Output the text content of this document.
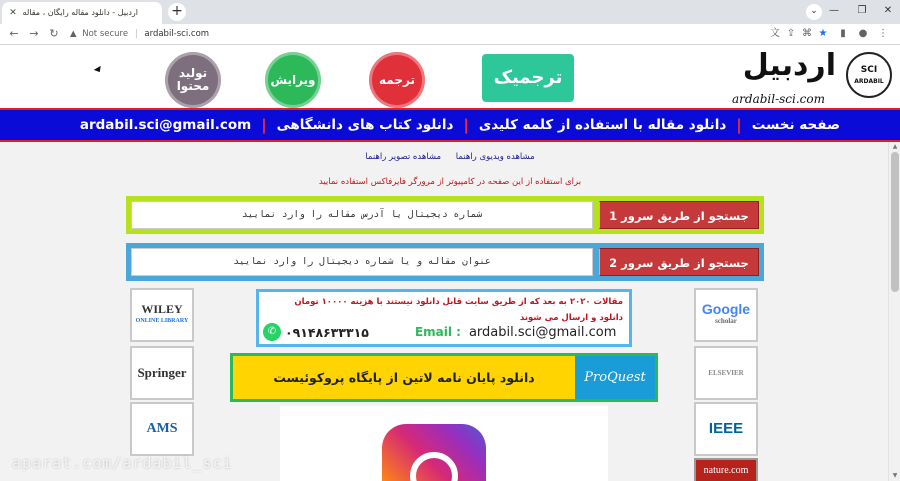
اردبیل - دانلود مقاله رایگان ، مقاله
✕	+	⌄	—	❐	✕
← → ↻	▲ Not secure | ardabil-sci.com	文 ⇪ ⌘ ★	▮	● ⋮
تولید محتوا	ویرایش	ترجمه	ترجمیک	اردبیل
ardabil-sci.com
SCI
ARDABIL
صفحه نخست
|
دانلود مقاله با استفاده از کلمه کلیدی
|
دانلود کتاب های دانشگاهی
|
ardabil.sci@gmail.com
مشاهده ویدیوی راهنما مشاهده تصویر راهنما
برای استفاده از این صفحه در کامپیوتر از مرورگر فایرفاکس استفاده نمایید
جستجو از طریق سرور 1
شماره دیجیتال یا آدرس مقاله را وارد نمایید
جستجو از طریق سرور 2
عنوان مقاله و یا شماره دیجیتال را وارد نمایید
WILEY
ONLINE LIBRARY
Springer
AMS
Google
scholar
ELSEVIER
IEEE
nature.com
مقالات ۲۰۲۰ به بعد که از طریق سایت قابل دانلود نیستند با هزینه ۱۰۰۰۰ تومان
دانلود و ارسال می شوند
✆ ۰۹۱۴۸۶۳۳۳۱۵	Email : ardabil.sci@gmail.com
دانلود پایان نامه لاتین از پایگاه پروکوئیست	ProQuest
▲
▼
aparat.com/ardabil_sci
